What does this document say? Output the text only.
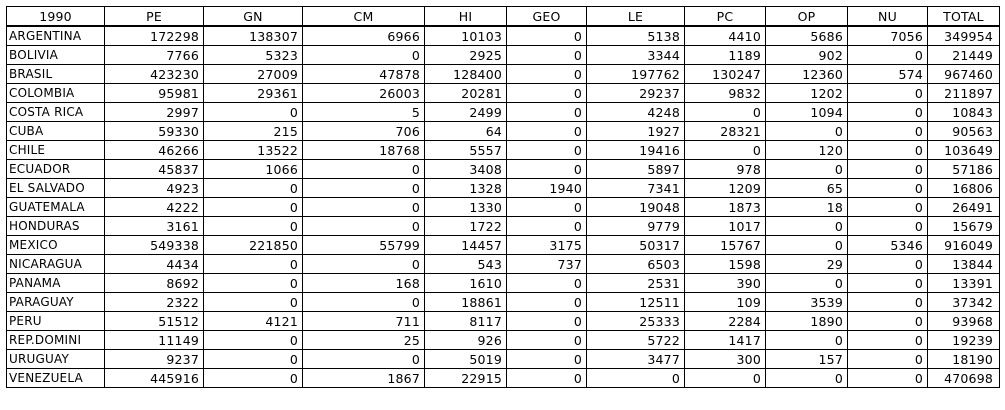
1990	PE	GN	CM	HI	GEO	LE	PC	OP	NU	TOTAL
ARGENTINA	172298	138307	6966	10103	0	5138	4410	5686	7056	349954
BOLIVIA	7766	5323	0	2925	0	3344	1189	902	0	21449
BRASIL	423230	27009	47878	128400	0	197762	130247	12360	574	967460
COLOMBIA	95981	29361	26003	20281	0	29237	9832	1202	0	211897
COSTA RICA	2997	0	5	2499	0	4248	0	1094	0	10843
CUBA	59330	215	706	64	0	1927	28321	0	0	90563
CHILE	46266	13522	18768	5557	0	19416	0	120	0	103649
ECUADOR	45837	1066	0	3408	0	5897	978	0	0	57186
EL SALVADO	4923	0	0	1328	1940	7341	1209	65	0	16806
GUATEMALA	4222	0	0	1330	0	19048	1873	18	0	26491
HONDURAS	3161	0	0	1722	0	9779	1017	0	0	15679
MEXICO	549338	221850	55799	14457	3175	50317	15767	0	5346	916049
NICARAGUA	4434	0	0	543	737	6503	1598	29	0	13844
PANAMA	8692	0	168	1610	0	2531	390	0	0	13391
PARAGUAY	2322	0	0	18861	0	12511	109	3539	0	37342
PERU	51512	4121	711	8117	0	25333	2284	1890	0	93968
REP.DOMINI	11149	0	25	926	0	5722	1417	0	0	19239
URUGUAY	9237	0	0	5019	0	3477	300	157	0	18190
VENEZUELA	445916	0	1867	22915	0	0	0	0	0	470698
